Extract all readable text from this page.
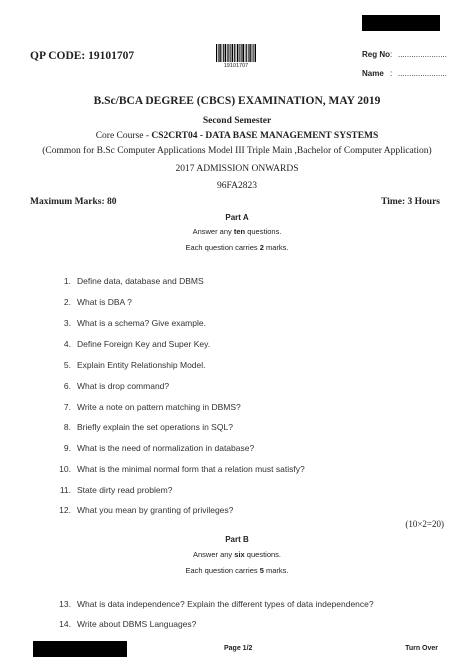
QP CODE: 19101707
19101707
Reg No: ......................
Name : ......................
B.Sc/BCA DEGREE (CBCS) EXAMINATION, MAY 2019
Second Semester
Core Course - CS2CRT04 - DATA BASE MANAGEMENT SYSTEMS
(Common for B.Sc Computer Applications Model III Triple Main ,Bachelor of Computer Application)
2017 ADMISSION ONWARDS
96FA2823
Maximum Marks: 80	Time: 3 Hours
Part A
Answer any ten questions.
Each question carries 2 marks.
1. Define data, database and DBMS
2. What is DBA ?
3. What is a schema? Give example.
4. Define Foreign Key and Super Key.
5. Explain Entity Relationship Model.
6. What is drop command?
7. Write a note on pattern matching in DBMS?
8. Briefly explain the set operations in SQL?
9. What is the need of normalization in database?
10. What is the minimal normal form that a relation must satisfy?
11. State dirty read problem?
12. What you mean by granting of privileges?
(10×2=20)
Part B
Answer any six questions.
Each question carries 5 marks.
13. What is data independence? Explain the different types of data independence?
14. Write about DBMS Languages?
Page 1/2	Turn Over
